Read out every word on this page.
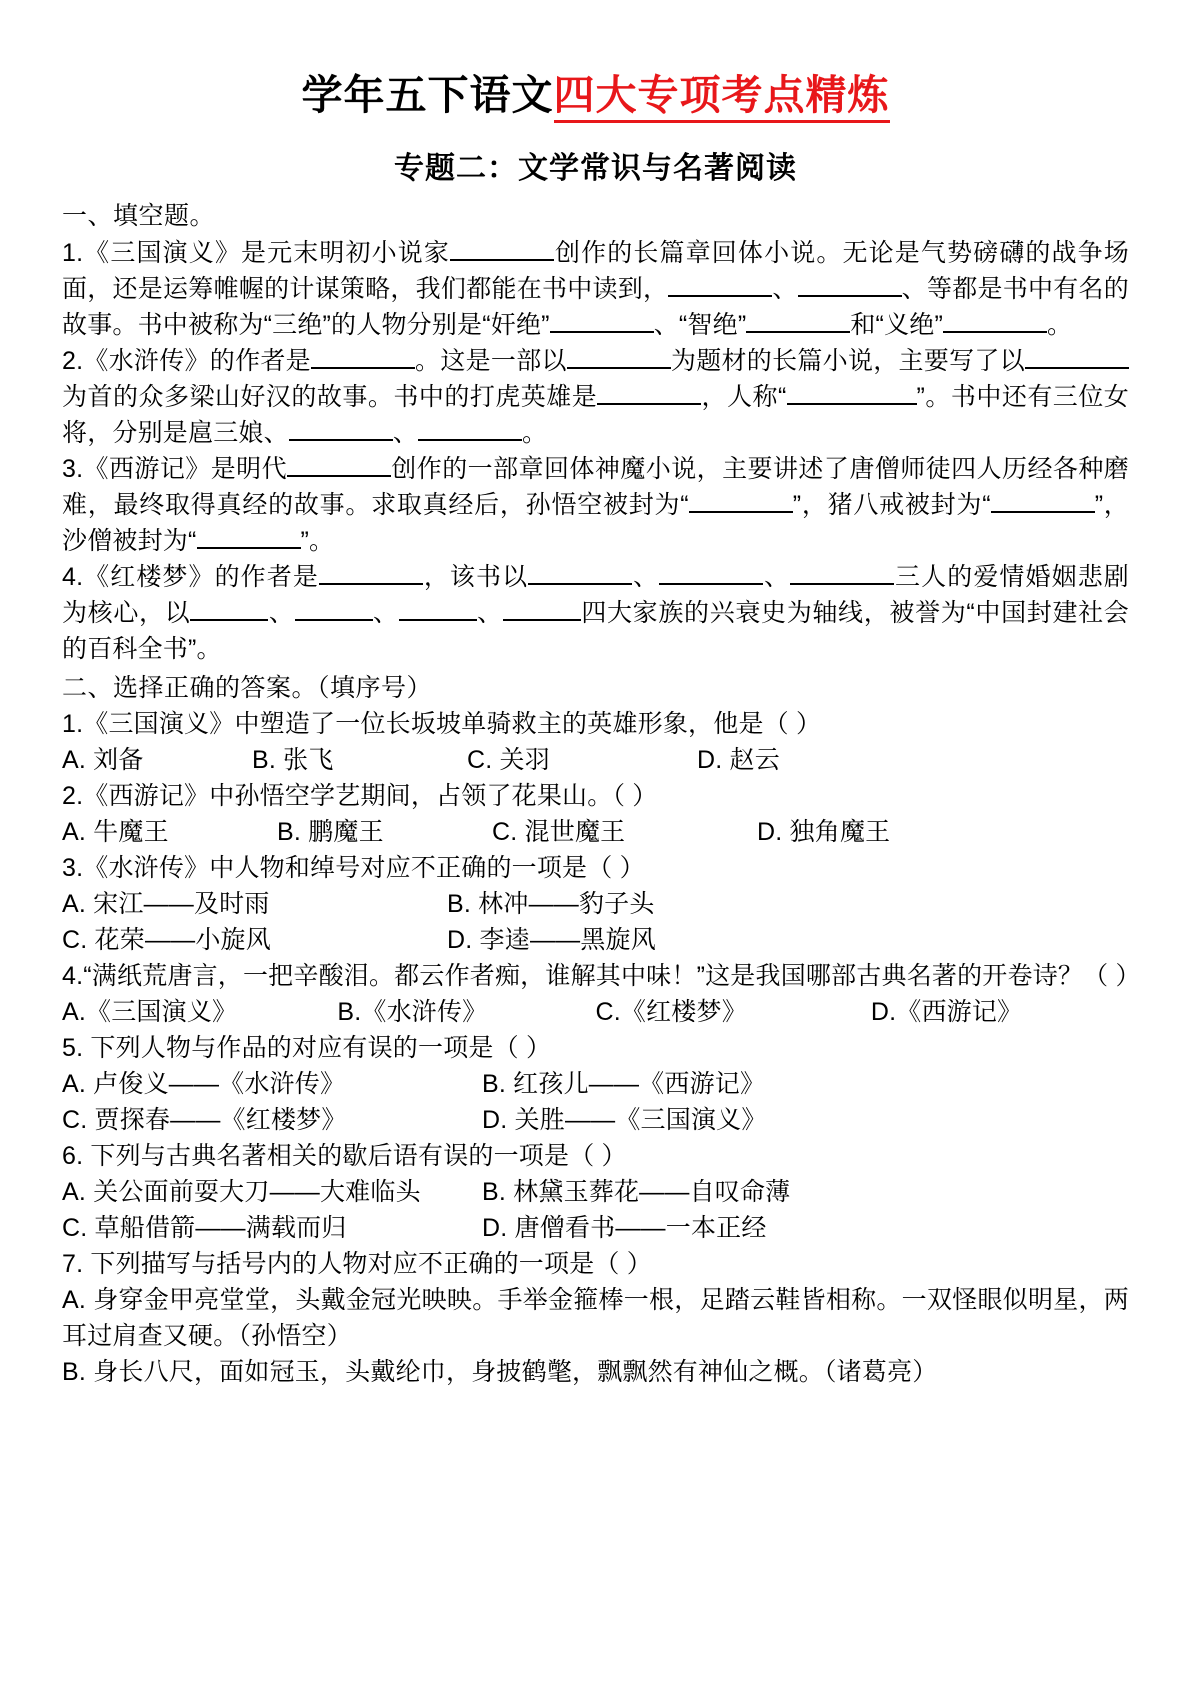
学年五下语文四大专项考点精炼
专题二：文学常识与名著阅读
一、填空题。

1.《三国演义》是元末明初小说家	创作的长篇章回体小说。无论是气势磅礴的战争场面，还是运筹帷幄的计谋策略，我们都能在书中读到，	、	、等都是书中有名的故事。书中被称为“三绝”的人物分别是“奸绝”	、“智绝”	和“义绝”	。

2.《水浒传》的作者是	。这是一部以	为题材的长篇小说，主要写了以为首的众多梁山好汉的故事。书中的打虎英雄是	，人称“	”。书中还有三位女将，分别是扈三娘、	、	。

3.《西游记》是明代	创作的一部章回体神魔小说，主要讲述了唐僧师徒四人历经各种磨难，最终取得真经的故事。求取真经后，孙悟空被封为“	”，猪八戒被封为“	”，沙僧被封为“	”。

4.《红楼梦》的作者是	，该书以	、	、	三人的爱情婚姻悲剧为核心，以	、	、	、	四大家族的兴衰史为轴线，被誉为“中国封建社会的百科全书”。

二、选择正确的答案。（填序号）

1.《三国演义》中塑造了一位长坂坡单骑救主的英雄形象，他是（ ）

A. 刘备	B. 张飞	C. 关羽	D. 赵云

2.《西游记》中孙悟空学艺期间，占领了花果山。（ ）

A. 牛魔王	B. 鹏魔王	C. 混世魔王	D. 独角魔王

3.《水浒传》中人物和绰号对应不正确的一项是（ ）

A. 宋江——及时雨	B. 林冲——豹子头
C. 花荣——小旋风	D. 李逵——黑旋风

4.“满纸荒唐言，一把辛酸泪。都云作者痴，谁解其中味！”这是我国哪部古典名著的开卷诗？（ ）

A.《三国演义》	B.《水浒传》	C.《红楼梦》	D.《西游记》

5. 下列人物与作品的对应有误的一项是（ ）

A. 卢俊义——《水浒传》	B. 红孩儿——《西游记》
C. 贾探春——《红楼梦》	D. 关胜——《三国演义》

6. 下列与古典名著相关的歇后语有误的一项是（ ）

A. 关公面前耍大刀——大难临头	B. 林黛玉葬花——自叹命薄
C. 草船借箭——满载而归	D. 唐僧看书——一本正经

7. 下列描写与括号内的人物对应不正确的一项是（ ）

A. 身穿金甲亮堂堂，头戴金冠光映映。手举金箍棒一根，足踏云鞋皆相称。一双怪眼似明星，两耳过肩查又硬。（孙悟空）

B. 身长八尺，面如冠玉，头戴纶巾，身披鹤氅，飘飘然有神仙之概。（诸葛亮）
